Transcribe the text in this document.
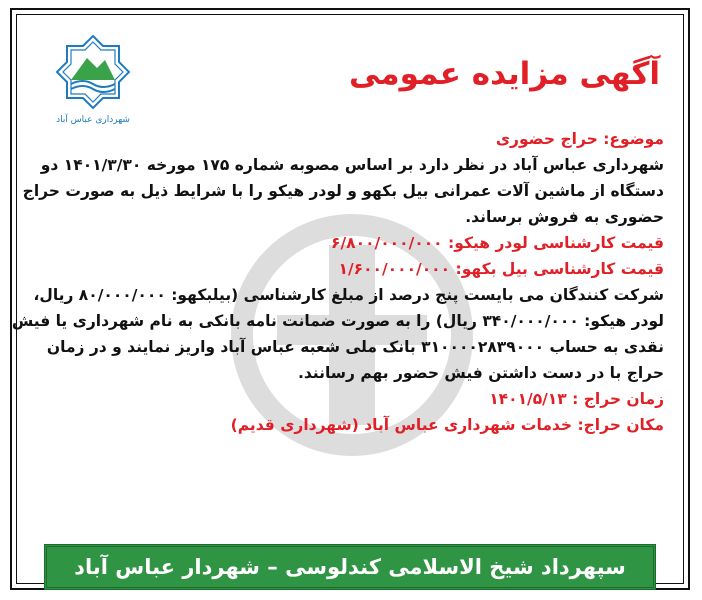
شهرداری عباس آباد
آگهی مزایده عمومی
موضوع: حراج حضوری
شهرداری عباس آباد در نظر دارد بر اساس مصوبه شماره ۱۷۵ مورخه ۱۴۰۱/۳/۳۰ دو
دستگاه از ماشین آلات عمرانی بیل بکهو و لودر هیکو را با شرایط ذیل به صورت حراج
حضوری به فروش برساند.
قیمت کارشناسی لودر هیکو: ۶/۸۰۰/۰۰۰/۰۰۰
قیمت کارشناسی بیل بکهو: ۱/۶۰۰/۰۰۰/۰۰۰
شرکت کنندگان می بایست پنج درصد از مبلغ کارشناسی (بیلبکهو: ۸۰/۰۰۰/۰۰۰ ریال،
لودر هیکو: ۳۴۰/۰۰۰/۰۰۰ ریال) را به صورت ضمانت نامه بانکی به نام شهرداری یا فیش
نقدی به حساب ۳۱۰۰۰۰۲۸۳۹۰۰۰ بانک ملی شعبه عباس آباد واریز نمایند و در زمان
حراج با در دست داشتن فیش حضور بهم رسانند.
زمان حراج : ۱۴۰۱/۵/۱۳
مکان حراج: خدمات شهرداری عباس آباد (شهرداری قدیم)
سپهرداد شیخ الاسلامی کندلوسی – شهردار عباس آباد
